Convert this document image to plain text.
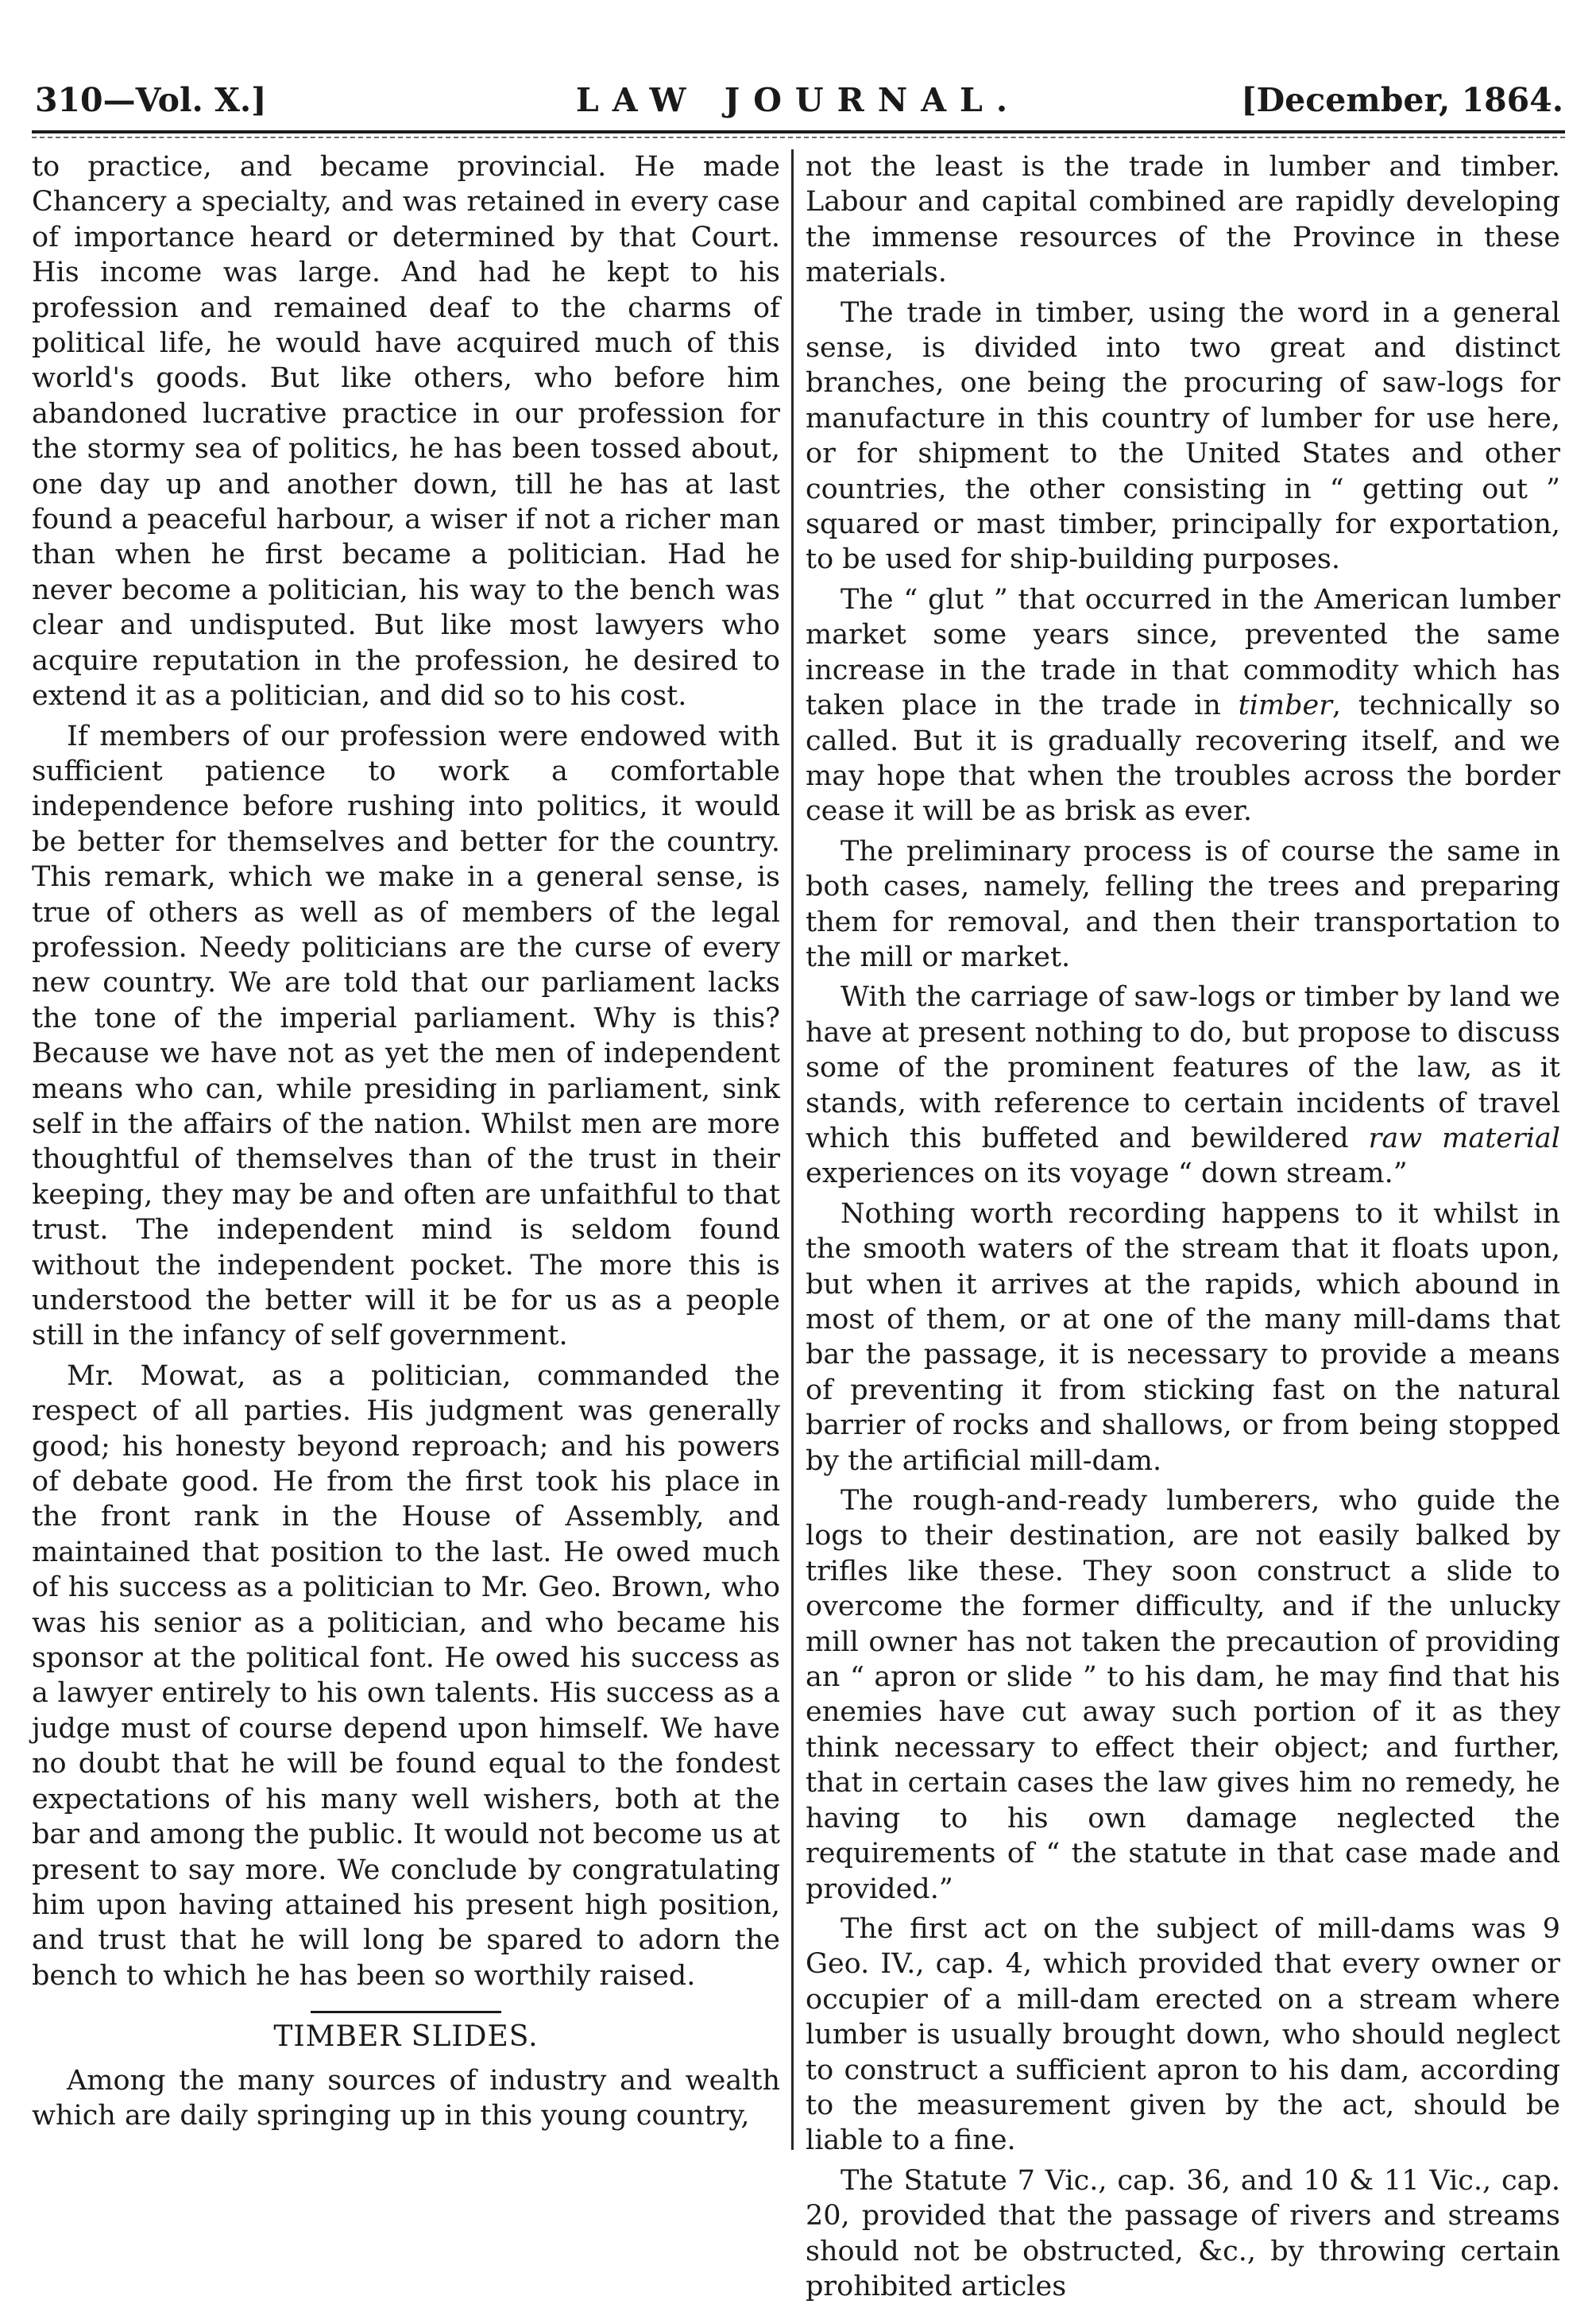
310—Vol. X.]	LAW JOURNAL.	[December, 1864.

to practice, and became provincial. He made Chancery a specialty, and was retained in every case of importance heard or determined by that Court. His income was large. And had he kept to his profession and remained deaf to the charms of political life, he would have acquired much of this world's goods. But like others, who before him abandoned lucrative practice in our profession for the stormy sea of politics, he has been tossed about, one day up and another down, till he has at last found a peaceful harbour, a wiser if not a richer man than when he first became a politician. Had he never become a politician, his way to the bench was clear and undisputed. But like most lawyers who acquire reputation in the profession, he desired to extend it as a politician, and did so to his cost.

If members of our profession were endowed with sufficient patience to work a comfortable independence before rushing into politics, it would be better for themselves and better for the country. This remark, which we make in a general sense, is true of others as well as of members of the legal profession. Needy politicians are the curse of every new country. We are told that our parliament lacks the tone of the imperial parliament. Why is this? Because we have not as yet the men of independent means who can, while presiding in parliament, sink self in the affairs of the nation. Whilst men are more thoughtful of themselves than of the trust in their keeping, they may be and often are unfaithful to that trust. The independent mind is seldom found without the independent pocket. The more this is understood the better will it be for us as a people still in the infancy of self government.

Mr. Mowat, as a politician, commanded the respect of all parties. His judgment was generally good; his honesty beyond reproach; and his powers of debate good. He from the first took his place in the front rank in the House of Assembly, and maintained that position to the last. He owed much of his success as a politician to Mr. Geo. Brown, who was his senior as a politician, and who became his sponsor at the political font. He owed his success as a lawyer entirely to his own talents. His success as a judge must of course depend upon himself. We have no doubt that he will be found equal to the fondest expectations of his many well wishers, both at the bar and among the public. It would not become us at present to say more. We conclude by congratulating him upon having attained his present high position, and trust that he will long be spared to adorn the bench to which he has been so worthily raised.

TIMBER SLIDES.

Among the many sources of industry and wealth which are daily springing up in this young country,

not the least is the trade in lumber and timber. Labour and capital combined are rapidly developing the immense resources of the Province in these materials.

The trade in timber, using the word in a general sense, is divided into two great and distinct branches, one being the procuring of saw-logs for manufacture in this country of lumber for use here, or for shipment to the United States and other countries, the other consisting in “ getting out ” squared or mast timber, principally for exportation, to be used for ship-building purposes.

The “ glut ” that occurred in the American lumber market some years since, prevented the same increase in the trade in that commodity which has taken place in the trade in timber, technically so called. But it is gradually recovering itself, and we may hope that when the troubles across the border cease it will be as brisk as ever.

The preliminary process is of course the same in both cases, namely, felling the trees and preparing them for removal, and then their transportation to the mill or market.

With the carriage of saw-logs or timber by land we have at present nothing to do, but propose to discuss some of the prominent features of the law, as it stands, with reference to certain incidents of travel which this buffeted and bewildered raw material experiences on its voyage “ down stream.”

Nothing worth recording happens to it whilst in the smooth waters of the stream that it floats upon, but when it arrives at the rapids, which abound in most of them, or at one of the many mill-dams that bar the passage, it is necessary to provide a means of preventing it from sticking fast on the natural barrier of rocks and shallows, or from being stopped by the artificial mill-dam.

The rough-and-ready lumberers, who guide the logs to their destination, are not easily balked by trifles like these. They soon construct a slide to overcome the former difficulty, and if the unlucky mill owner has not taken the precaution of providing an “ apron or slide ” to his dam, he may find that his enemies have cut away such portion of it as they think necessary to effect their object; and further, that in certain cases the law gives him no remedy, he having to his own damage neglected the requirements of “ the statute in that case made and provided.”

The first act on the subject of mill-dams was 9 Geo. IV., cap. 4, which provided that every owner or occupier of a mill-dam erected on a stream where lumber is usually brought down, who should neglect to construct a sufficient apron to his dam, according to the measurement given by the act, should be liable to a fine.

The Statute 7 Vic., cap. 36, and 10 & 11 Vic., cap. 20, provided that the passage of rivers and streams should not be obstructed, &c., by throwing certain prohibited articles
